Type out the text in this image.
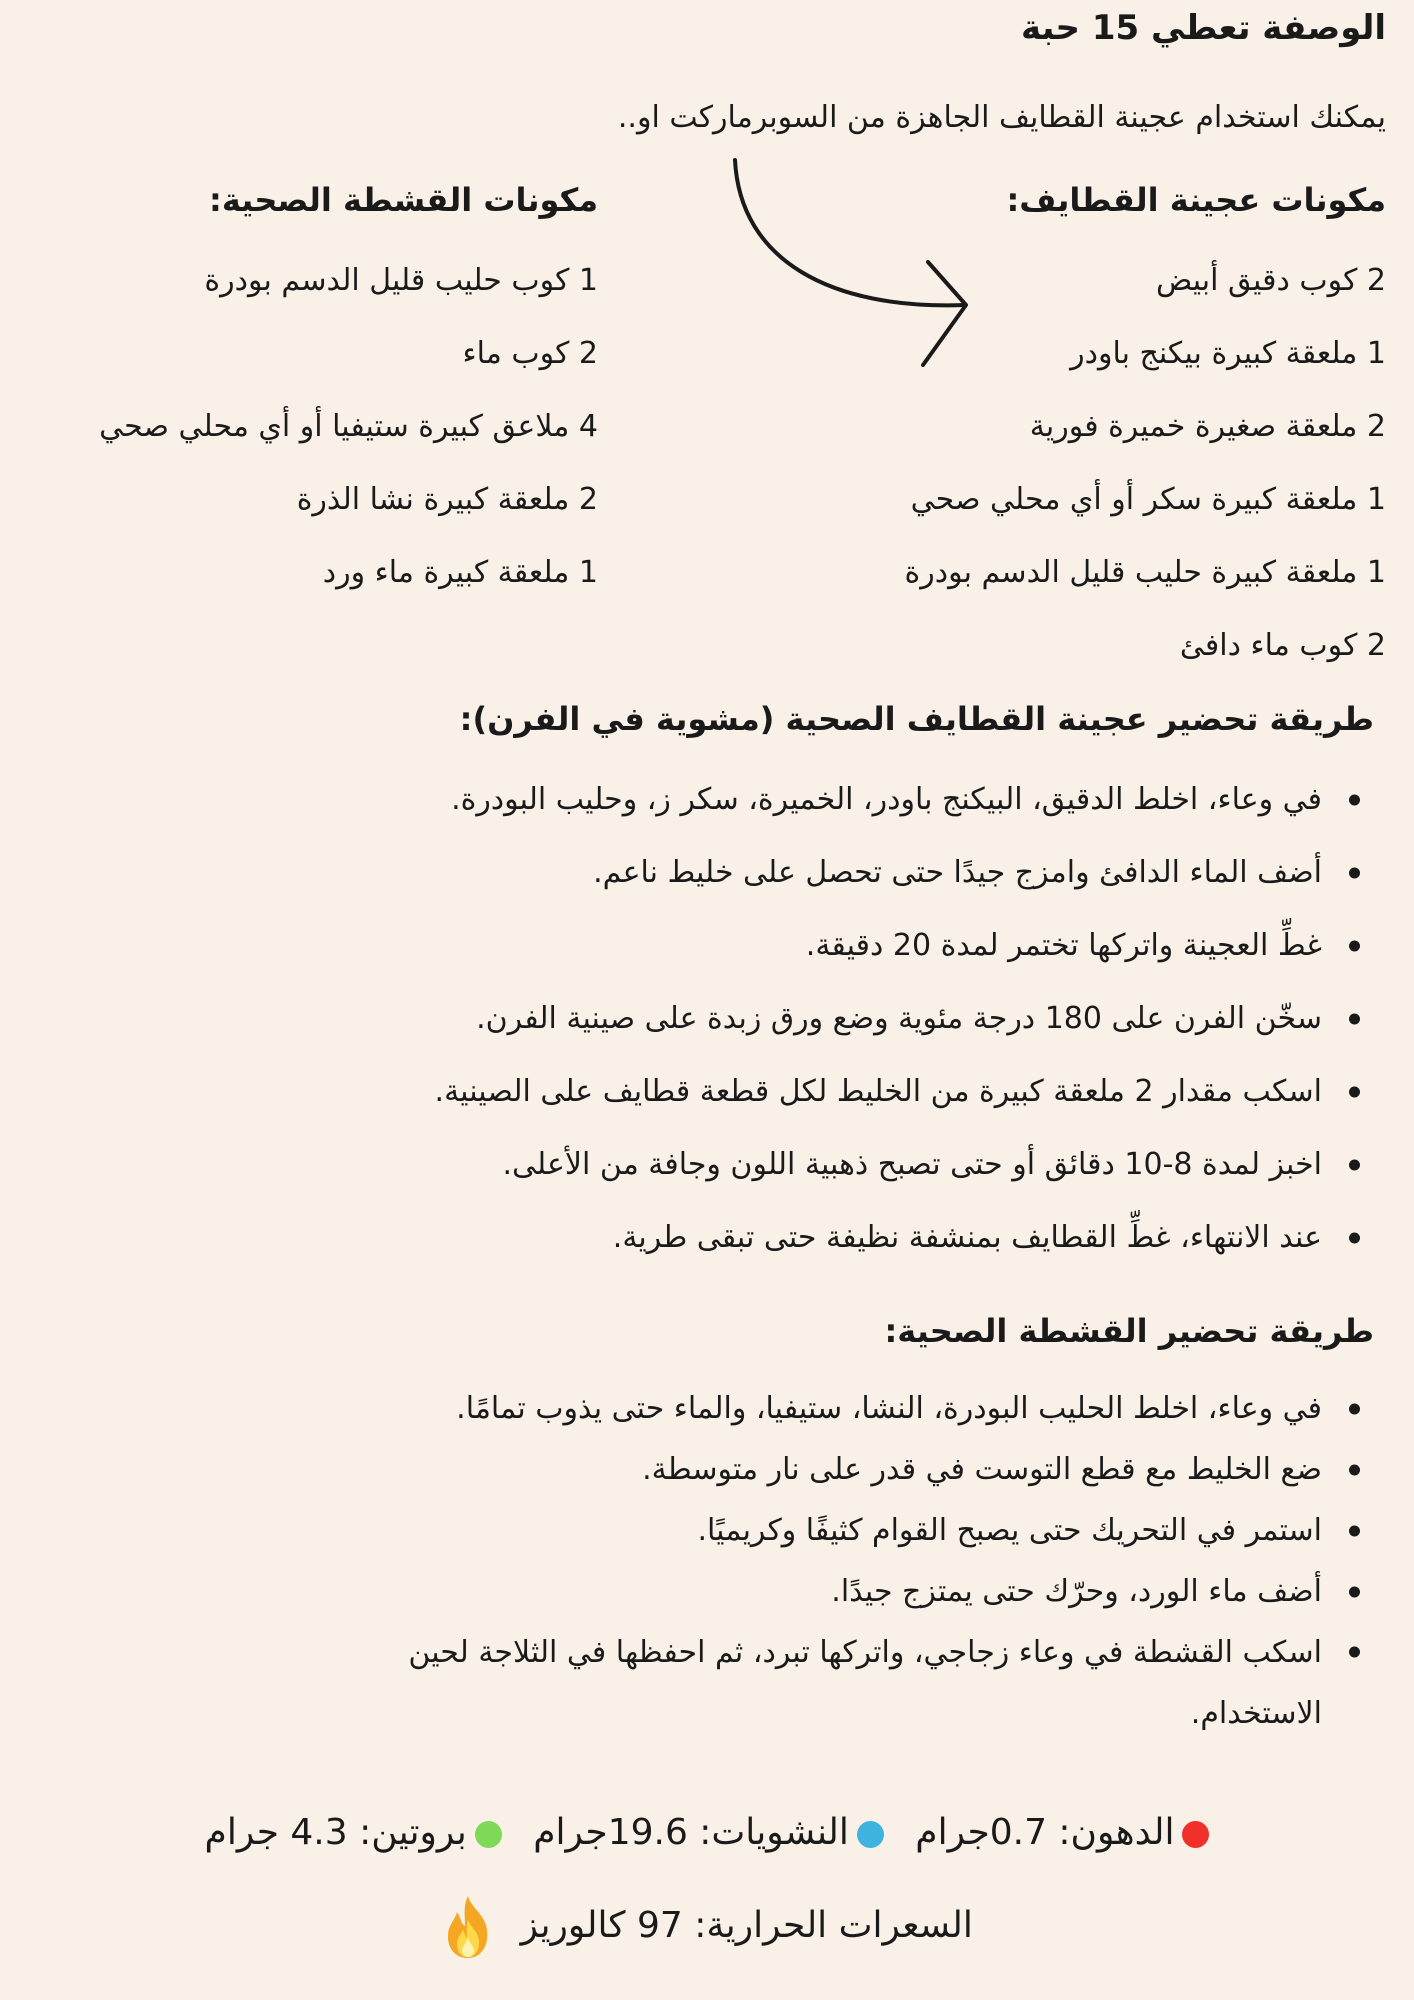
الوصفة تعطي 15 حبة
يمكنك استخدام عجينة القطايف الجاهزة من السوبرماركت او..
مكونات عجينة القطايف:
2 كوب دقيق أبيض
1 ملعقة كبيرة بيكنج باودر
2 ملعقة صغيرة خميرة فورية
1 ملعقة كبيرة سكر أو أي محلي صحي
1 ملعقة كبيرة حليب قليل الدسم بودرة
2 كوب ماء دافئ
مكونات القشطة الصحية:
1 كوب حليب قليل الدسم بودرة
2 كوب ماء
4 ملاعق كبيرة ستيفيا أو أي محلي صحي
2 ملعقة كبيرة نشا الذرة
1 ملعقة كبيرة ماء ورد
طريقة تحضير عجينة القطايف الصحية (مشوية في الفرن):
في وعاء، اخلط الدقيق، البيكنج باودر، الخميرة، سكر ز، وحليب البودرة.
أضف الماء الدافئ وامزج جيدًا حتى تحصل على خليط ناعم.
غطِّ العجينة واتركها تختمر لمدة 20 دقيقة.
سخّن الفرن على 180 درجة مئوية وضع ورق زبدة على صينية الفرن.
اسكب مقدار 2 ملعقة كبيرة من الخليط لكل قطعة قطايف على الصينية.
اخبز لمدة 8-10 دقائق أو حتى تصبح ذهبية اللون وجافة من الأعلى.
عند الانتهاء، غطِّ القطايف بمنشفة نظيفة حتى تبقى طرية.
طريقة تحضير القشطة الصحية:
في وعاء، اخلط الحليب البودرة، النشا، ستيفيا، والماء حتى يذوب تمامًا.
ضع الخليط مع قطع التوست في قدر على نار متوسطة.
استمر في التحريك حتى يصبح القوام كثيفًا وكريميًا.
أضف ماء الورد، وحرّك حتى يمتزج جيدًا.
اسكب القشطة في وعاء زجاجي، واتركها تبرد، ثم احفظها في الثلاجة لحين الاستخدام.
الدهون: 0.7جرام النشويات: 19.6جرام بروتين: 4.3 جرام
السعرات الحرارية: 97 كالوريز
